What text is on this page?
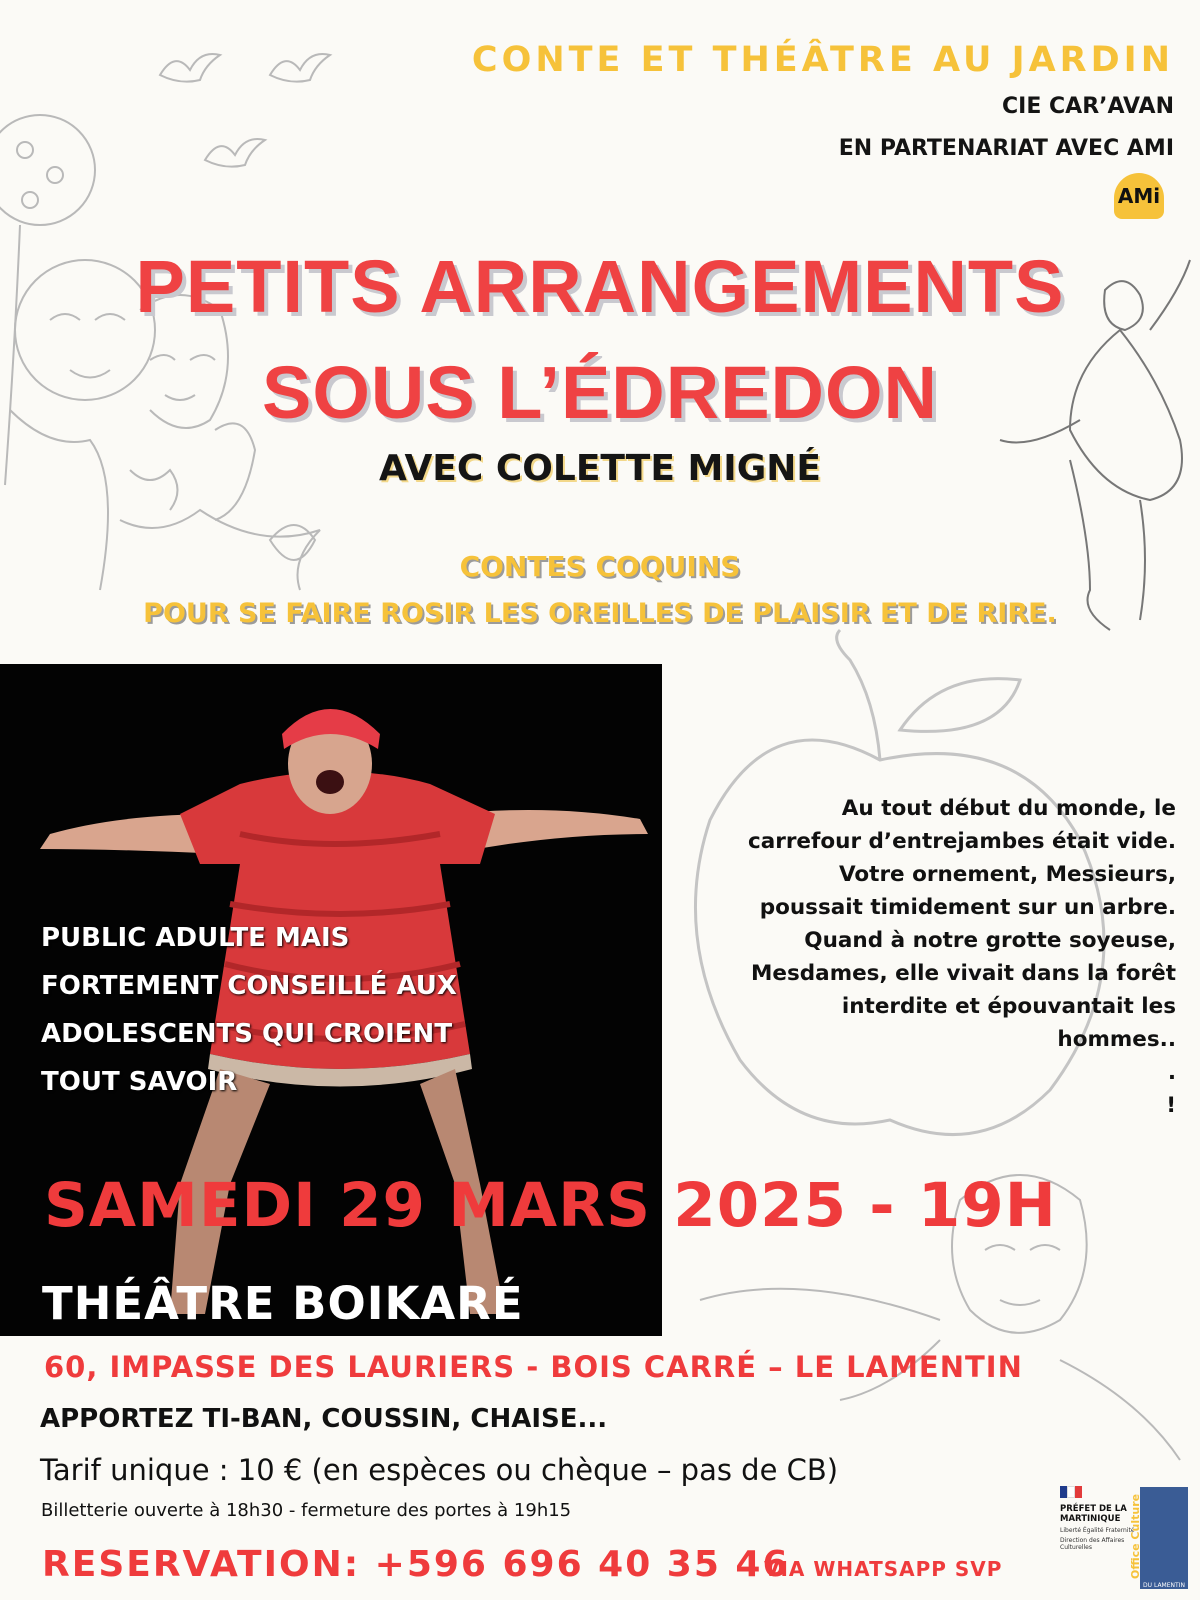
CONTE ET THÉÂTRE AU JARDIN
CIE CAR’AVAN
EN PARTENARIAT AVEC AMI
AMi
PETITS ARRANGEMENTS
SOUS L’ÉDREDON
AVEC COLETTE MIGNÉ
CONTES COQUINS
POUR SE FAIRE ROSIR LES OREILLES DE PLAISIR ET DE RIRE.
PUBLIC ADULTE MAIS
FORTEMENT CONSEILLÉ AUX
ADOLESCENTS QUI CROIENT
TOUT SAVOIR
Au tout début du monde, le
carrefour d’entrejambes était vide.
Votre ornement, Messieurs,
poussait timidement sur un arbre.
Quand à notre grotte soyeuse,
Mesdames, elle vivait dans la forêt
interdite et épouvantait les
hommes..
.
!
SAMEDI 29 MARS 2025 - 19H
THÉÂTRE BOIKARÉ
60, IMPASSE DES LAURIERS - BOIS CARRÉ – LE LAMENTIN
APPORTEZ TI-BAN, COUSSIN, CHAISE...
Tarif unique : 10 € (en espèces ou chèque – pas de CB)
Billetterie ouverte à 18h30 - fermeture des portes à 19h15
RESERVATION: +596 696 40 35 46
VIA WHATSAPP SVP
PRÉFET DE LA MARTINIQUE
Liberté Égalité Fraternité
Direction des Affaires Culturelles	Office Culture
DU LAMENTIN
